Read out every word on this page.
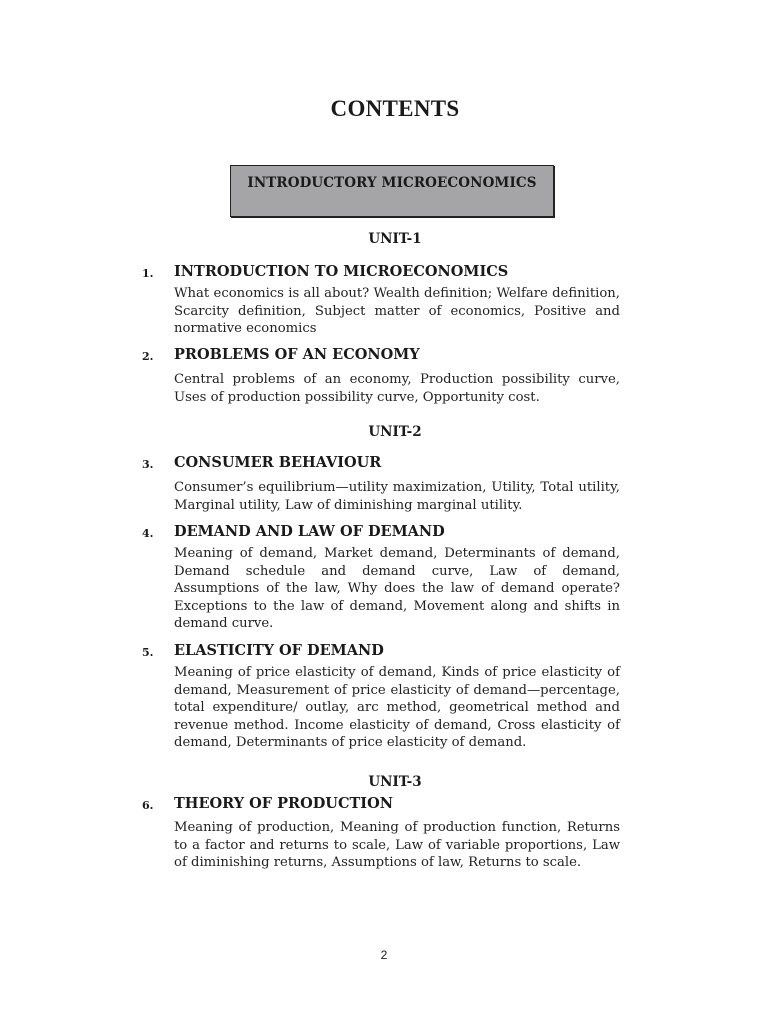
CONTENTS
INTRODUCTORY MICROECONOMICS
UNIT-1
1. INTRODUCTION TO MICROECONOMICS
What economics is all about? Wealth definition; Welfare definition, Scarcity definition, Subject matter of economics, Positive and normative economics
2. PROBLEMS OF AN ECONOMY
Central problems of an economy, Production possibility curve, Uses of production possibility curve, Opportunity cost.
UNIT-2
3. CONSUMER BEHAVIOUR
Consumer’s equilibrium—utility maximization, Utility, Total utility, Marginal utility, Law of diminishing marginal utility.
4. DEMAND AND LAW OF DEMAND
Meaning of demand, Market demand, Determinants of demand, Demand schedule and demand curve, Law of demand, Assumptions of the law, Why does the law of demand operate? Exceptions to the law of demand, Movement along and shifts in demand curve.
5. ELASTICITY OF DEMAND
Meaning of price elasticity of demand, Kinds of price elasticity of demand, Measurement of price elasticity of demand—percentage, total expenditure/ outlay, arc method, geometrical method and revenue method. Income elasticity of demand, Cross elasticity of demand, Determinants of price elasticity of demand.
UNIT-3
6. THEORY OF PRODUCTION
Meaning of production, Meaning of production function, Returns to a factor and returns to scale, Law of variable proportions, Law of diminishing returns, Assumptions of law, Returns to scale.
2
